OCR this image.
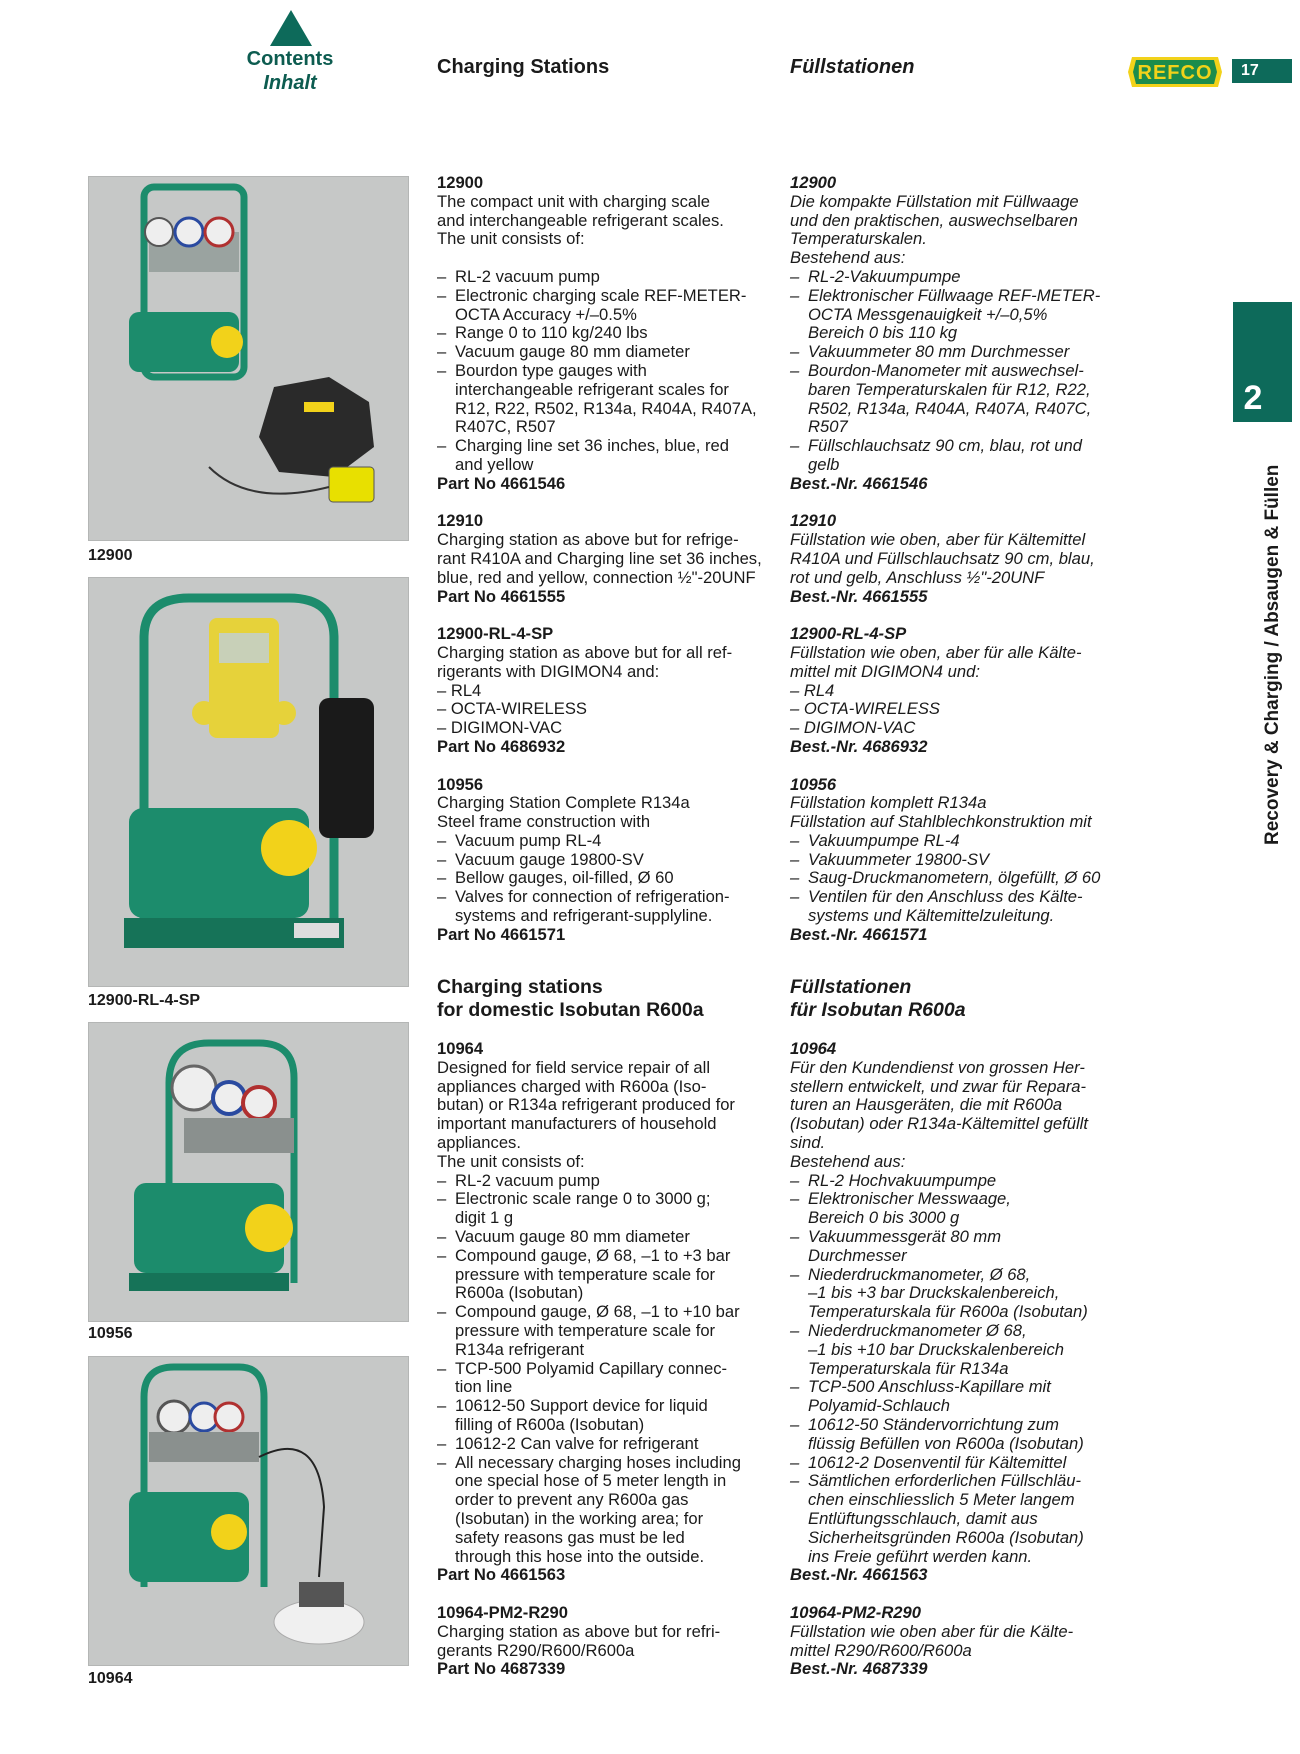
Contents
Inhalt
Charging Stations	Füllstationen	REFCO	17
2
Recovery & Charging / Absaugen & Füllen
12900
12900-RL-4-SP
10956
10964
12900
The compact unit with charging scale
and interchangeable refrigerant scales.
The unit consists of:
– RL-2 vacuum pump
– Electronic charging scale REF-METER-
OCTA Accuracy +/–0.5%
– Range 0 to 110 kg/240 lbs
– Vacuum gauge 80 mm diameter
– Bourdon type gauges with
interchangeable refrigerant scales for
R12, R22, R502, R134a, R404A, R407A,
R407C, R507
– Charging line set 36 inches, blue, red
and yellow
Part No 4661546
12910
Charging station as above but for refrige-
rant R410A and Charging line set 36 inches,
blue, red and yellow, connection ½"-20UNF
Part No 4661555
12900-RL-4-SP
Charging station as above but for all ref-
rigerants with DIGIMON4 and:
– RL4
– OCTA-WIRELESS
– DIGIMON-VAC
Part No 4686932
10956
Charging Station Complete R134a
Steel frame construction with
– Vacuum pump RL-4
– Vacuum gauge 19800-SV
– Bellow gauges, oil-filled, Ø 60
– Valves for connection of refrigeration-
systems and refrigerant-supplyline.
Part No 4661571
Charging stations
for domestic Isobutan R600a
10964
Designed for field service repair of all
appliances charged with R600a (Iso-
butan) or R134a refrigerant produced for
important manufacturers of household
appliances.
The unit consists of:
– RL-2 vacuum pump
– Electronic scale range 0 to 3000 g;
digit 1 g
– Vacuum gauge 80 mm diameter
– Compound gauge, Ø 68, –1 to +3 bar
pressure with temperature scale for
R600a (Isobutan)
– Compound gauge, Ø 68, –1 to +10 bar
pressure with temperature scale for
R134a refrigerant
– TCP-500 Polyamid Capillary connec-
tion line
– 10612-50 Support device for liquid
filling of R600a (Isobutan)
– 10612-2 Can valve for refrigerant
– All necessary charging hoses including
one special hose of 5 meter length in
order to prevent any R600a gas
(Isobutan) in the working area; for
safety reasons gas must be led
through this hose into the outside.
Part No 4661563
10964-PM2-R290
Charging station as above but for refri-
gerants R290/R600/R600a
Part No 4687339
12900
Die kompakte Füllstation mit Füllwaage
und den praktischen, auswechselbaren
Temperaturskalen.
Bestehend aus:
– RL-2-Vakuumpumpe
– Elektronischer Füllwaage REF-METER-
OCTA Messgenauigkeit +/–0,5%
Bereich 0 bis 110 kg
– Vakuummeter 80 mm Durchmesser
– Bourdon-Manometer mit auswechsel-
baren Temperaturskalen für R12, R22,
R502, R134a, R404A, R407A, R407C,
R507
– Füllschlauchsatz 90 cm, blau, rot und
gelb
Best.-Nr. 4661546
12910
Füllstation wie oben, aber für Kältemittel
R410A und Füllschlauchsatz 90 cm, blau,
rot und gelb, Anschluss ½"-20UNF
Best.-Nr. 4661555
12900-RL-4-SP
Füllstation wie oben, aber für alle Kälte-
mittel mit DIGIMON4 und:
– RL4
– OCTA-WIRELESS
– DIGIMON-VAC
Best.-Nr. 4686932
10956
Füllstation komplett R134a
Füllstation auf Stahlblechkonstruktion mit
– Vakuumpumpe RL-4
– Vakuummeter 19800-SV
– Saug-Druckmanometern, ölgefüllt, Ø 60
– Ventilen für den Anschluss des Kälte-
systems und Kältemittelzuleitung.
Best.-Nr. 4661571
Füllstationen
für Isobutan R600a
10964
Für den Kundendienst von grossen Her-
stellern entwickelt, und zwar für Repara-
turen an Hausgeräten, die mit R600a
(Isobutan) oder R134a-Kältemittel gefüllt
sind.
Bestehend aus:
– RL-2 Hochvakuumpumpe
– Elektronischer Messwaage,
Bereich 0 bis 3000 g
– Vakuummessgerät 80 mm
Durchmesser
– Niederdruckmanometer, Ø 68,
–1 bis +3 bar Druckskalenbereich,
Temperaturskala für R600a (Isobutan)
– Niederdruckmanometer Ø 68,
–1 bis +10 bar Druckskalenbereich
Temperaturskala für R134a
– TCP-500 Anschluss-Kapillare mit
Polyamid-Schlauch
– 10612-50 Ständervorrichtung zum
flüssig Befüllen von R600a (Isobutan)
– 10612-2 Dosenventil für Kältemittel
– Sämtlichen erforderlichen Füllschläu-
chen einschliesslich 5 Meter langem
Entlüftungsschlauch, damit aus
Sicherheitsgründen R600a (Isobutan)
ins Freie geführt werden kann.
Best.-Nr. 4661563
10964-PM2-R290
Füllstation wie oben aber für die Kälte-
mittel R290/R600/R600a
Best.-Nr. 4687339
